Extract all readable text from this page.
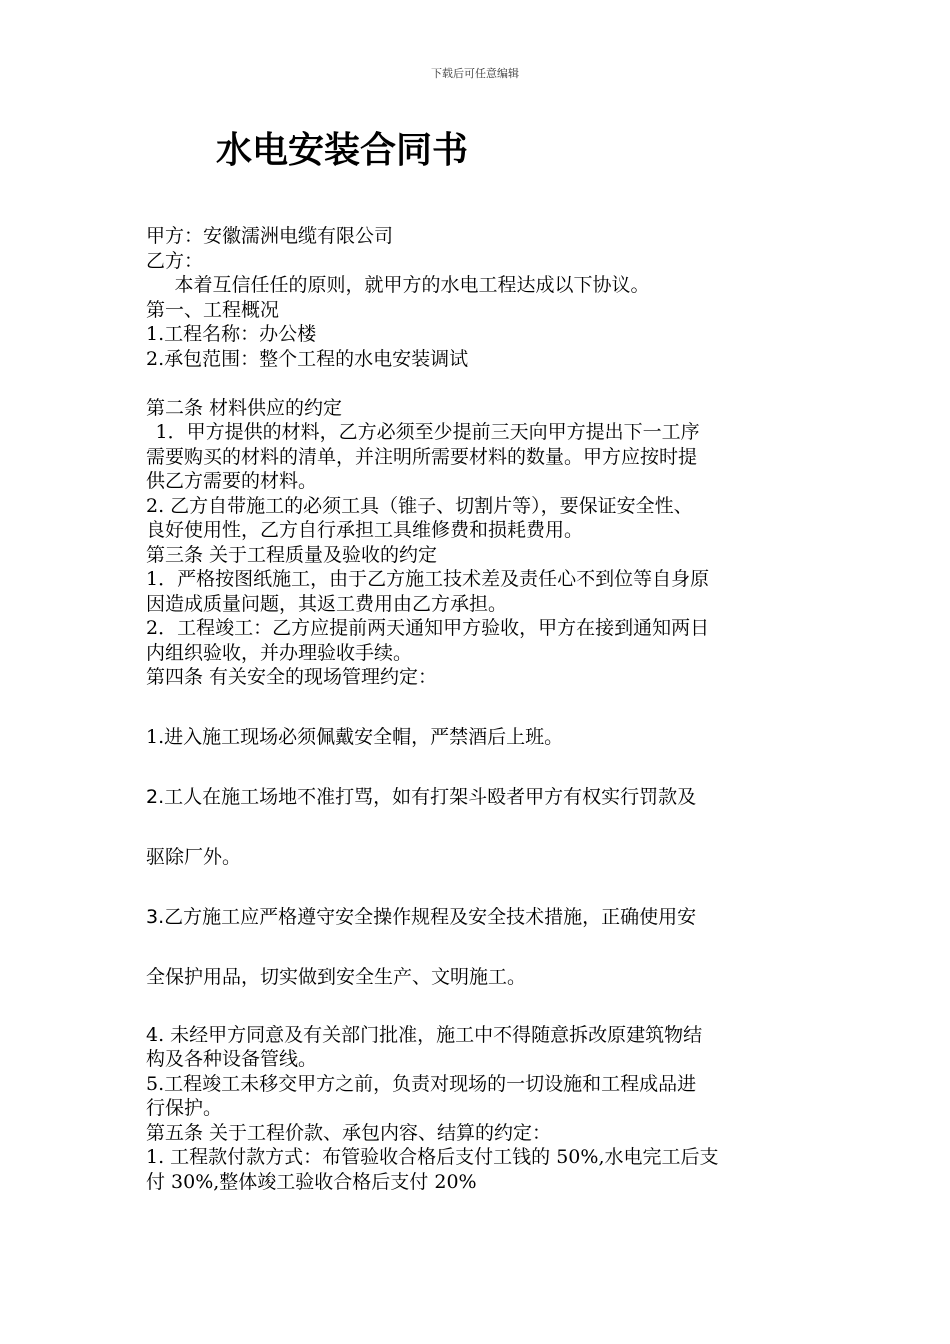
下载后可任意编辑
水电安装合同书

甲方：安徽濡洲电缆有限公司

乙方：

本着互信任任的原则，就甲方的水电工程达成以下协议。

第一、工程概况

1.工程名称：办公楼

2.承包范围：整个工程的水电安装调试

第二条 材料供应的约定

1．甲方提供的材料，乙方必须至少提前三天向甲方提出下一工序

需要购买的材料的清单，并注明所需要材料的数量。甲方应按时提

供乙方需要的材料。

2. 乙方自带施工的必须工具（锥子、切割片等），要保证安全性、

良好使用性，乙方自行承担工具维修费和损耗费用。

第三条 关于工程质量及验收的约定

1．严格按图纸施工，由于乙方施工技术差及责任心不到位等自身原

因造成质量问题，其返工费用由乙方承担。

2．工程竣工：乙方应提前两天通知甲方验收，甲方在接到通知两日

内组织验收，并办理验收手续。

第四条 有关安全的现场管理约定：

1.进入施工现场必须佩戴安全帽，严禁酒后上班。

2.工人在施工场地不准打骂，如有打架斗殴者甲方有权实行罚款及

驱除厂外。

3.乙方施工应严格遵守安全操作规程及安全技术措施，正确使用安

全保护用品，切实做到安全生产、文明施工。

4. 未经甲方同意及有关部门批准，施工中不得随意拆改原建筑物结

构及各种设备管线。

5.工程竣工未移交甲方之前，负责对现场的一切设施和工程成品进

行保护。

第五条 关于工程价款、承包内容、结算的约定：

1. 工程款付款方式：布管验收合格后支付工钱的 50%,水电完工后支

付 30%,整体竣工验收合格后支付 20%
